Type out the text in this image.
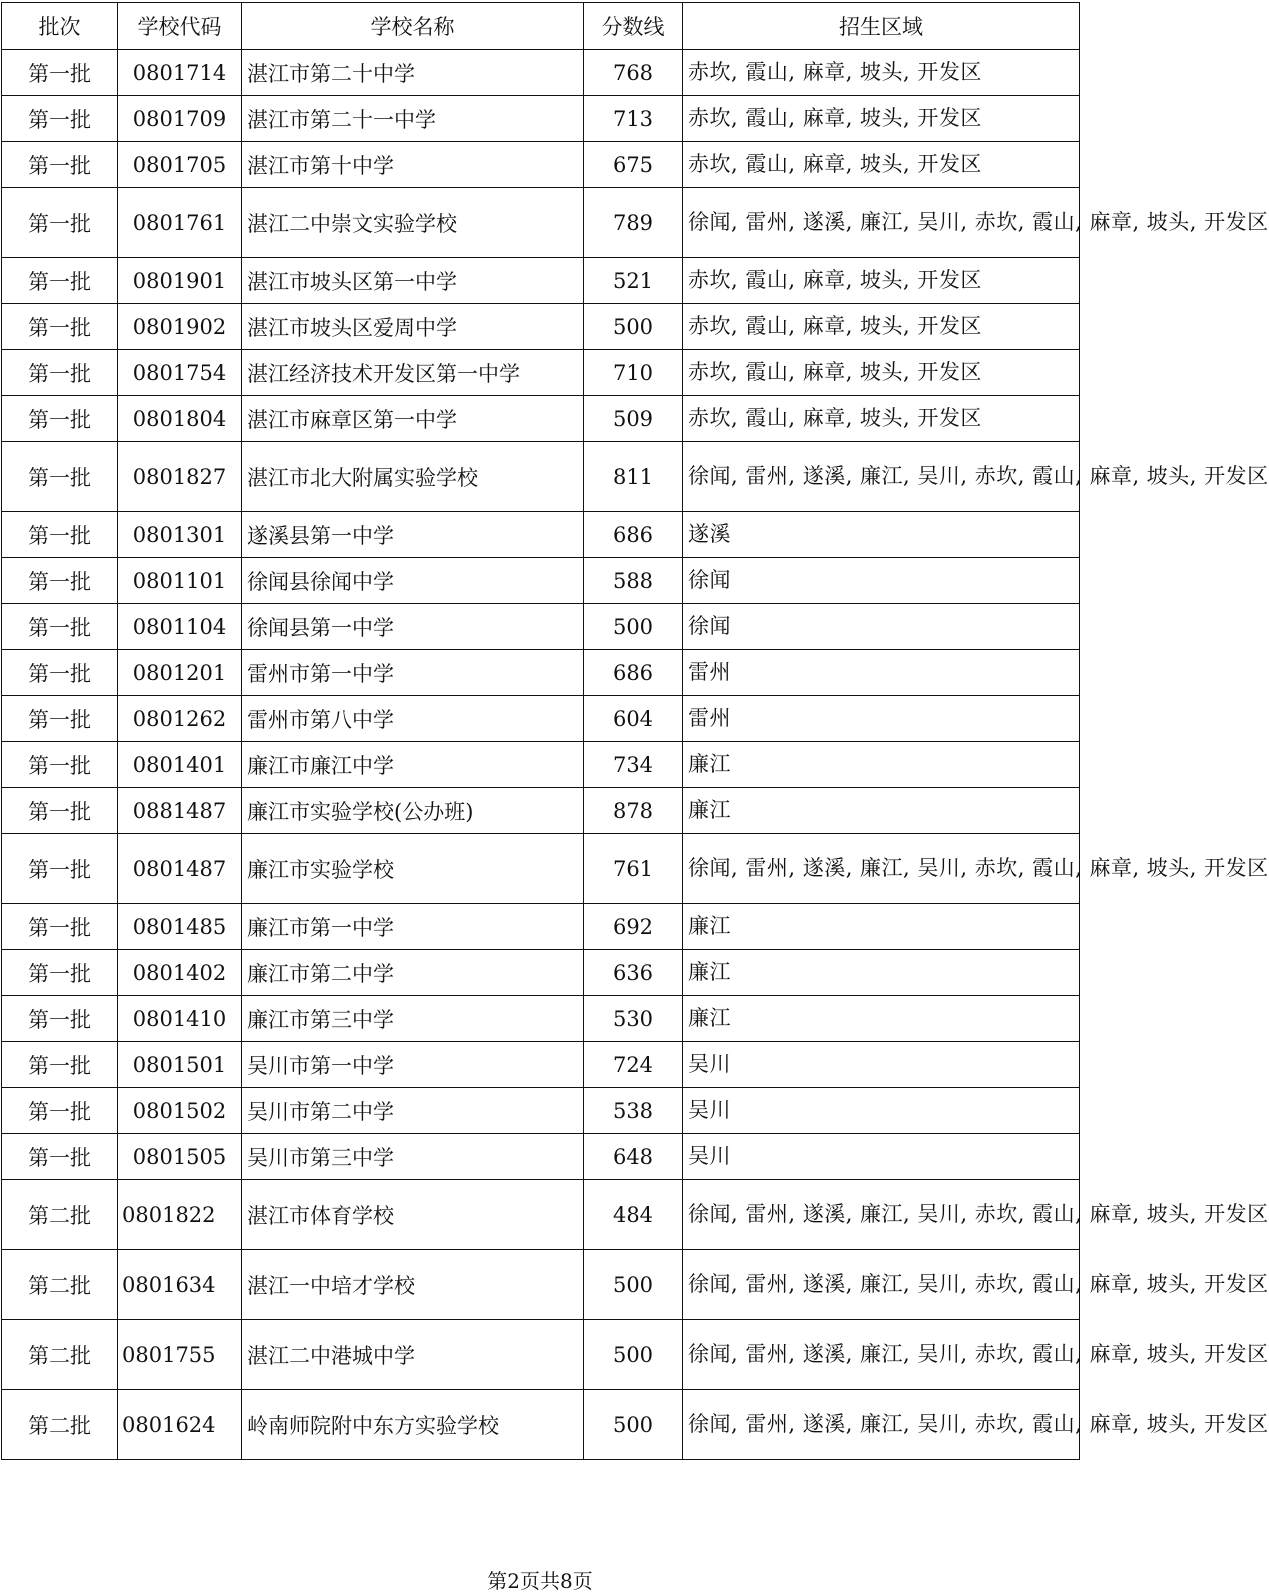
批次	学校代码	学校名称	分数线	招生区域
第一批	0801714	湛江市第二十中学	768	赤坎, 霞山, 麻章, 坡头, 开发区
第一批	0801709	湛江市第二十一中学	713	赤坎, 霞山, 麻章, 坡头, 开发区
第一批	0801705	湛江市第十中学	675	赤坎, 霞山, 麻章, 坡头, 开发区
第一批	0801761	湛江二中崇文实验学校	789	徐闻, 雷州, 遂溪, 廉江, 吴川, 赤坎, 霞山, 麻章, 坡头, 开发区
第一批	0801901	湛江市坡头区第一中学	521	赤坎, 霞山, 麻章, 坡头, 开发区
第一批	0801902	湛江市坡头区爱周中学	500	赤坎, 霞山, 麻章, 坡头, 开发区
第一批	0801754	湛江经济技术开发区第一中学	710	赤坎, 霞山, 麻章, 坡头, 开发区
第一批	0801804	湛江市麻章区第一中学	509	赤坎, 霞山, 麻章, 坡头, 开发区
第一批	0801827	湛江市北大附属实验学校	811	徐闻, 雷州, 遂溪, 廉江, 吴川, 赤坎, 霞山, 麻章, 坡头, 开发区
第一批	0801301	遂溪县第一中学	686	遂溪
第一批	0801101	徐闻县徐闻中学	588	徐闻
第一批	0801104	徐闻县第一中学	500	徐闻
第一批	0801201	雷州市第一中学	686	雷州
第一批	0801262	雷州市第八中学	604	雷州
第一批	0801401	廉江市廉江中学	734	廉江
第一批	0881487	廉江市实验学校(公办班)	878	廉江
第一批	0801487	廉江市实验学校	761	徐闻, 雷州, 遂溪, 廉江, 吴川, 赤坎, 霞山, 麻章, 坡头, 开发区
第一批	0801485	廉江市第一中学	692	廉江
第一批	0801402	廉江市第二中学	636	廉江
第一批	0801410	廉江市第三中学	530	廉江
第一批	0801501	吴川市第一中学	724	吴川
第一批	0801502	吴川市第二中学	538	吴川
第一批	0801505	吴川市第三中学	648	吴川
第二批	0801822	湛江市体育学校	484	徐闻, 雷州, 遂溪, 廉江, 吴川, 赤坎, 霞山, 麻章, 坡头, 开发区
第二批	0801634	湛江一中培才学校	500	徐闻, 雷州, 遂溪, 廉江, 吴川, 赤坎, 霞山, 麻章, 坡头, 开发区
第二批	0801755	湛江二中港城中学	500	徐闻, 雷州, 遂溪, 廉江, 吴川, 赤坎, 霞山, 麻章, 坡头, 开发区
第二批	0801624	岭南师院附中东方实验学校	500	徐闻, 雷州, 遂溪, 廉江, 吴川, 赤坎, 霞山, 麻章, 坡头, 开发区
第2页共8页
